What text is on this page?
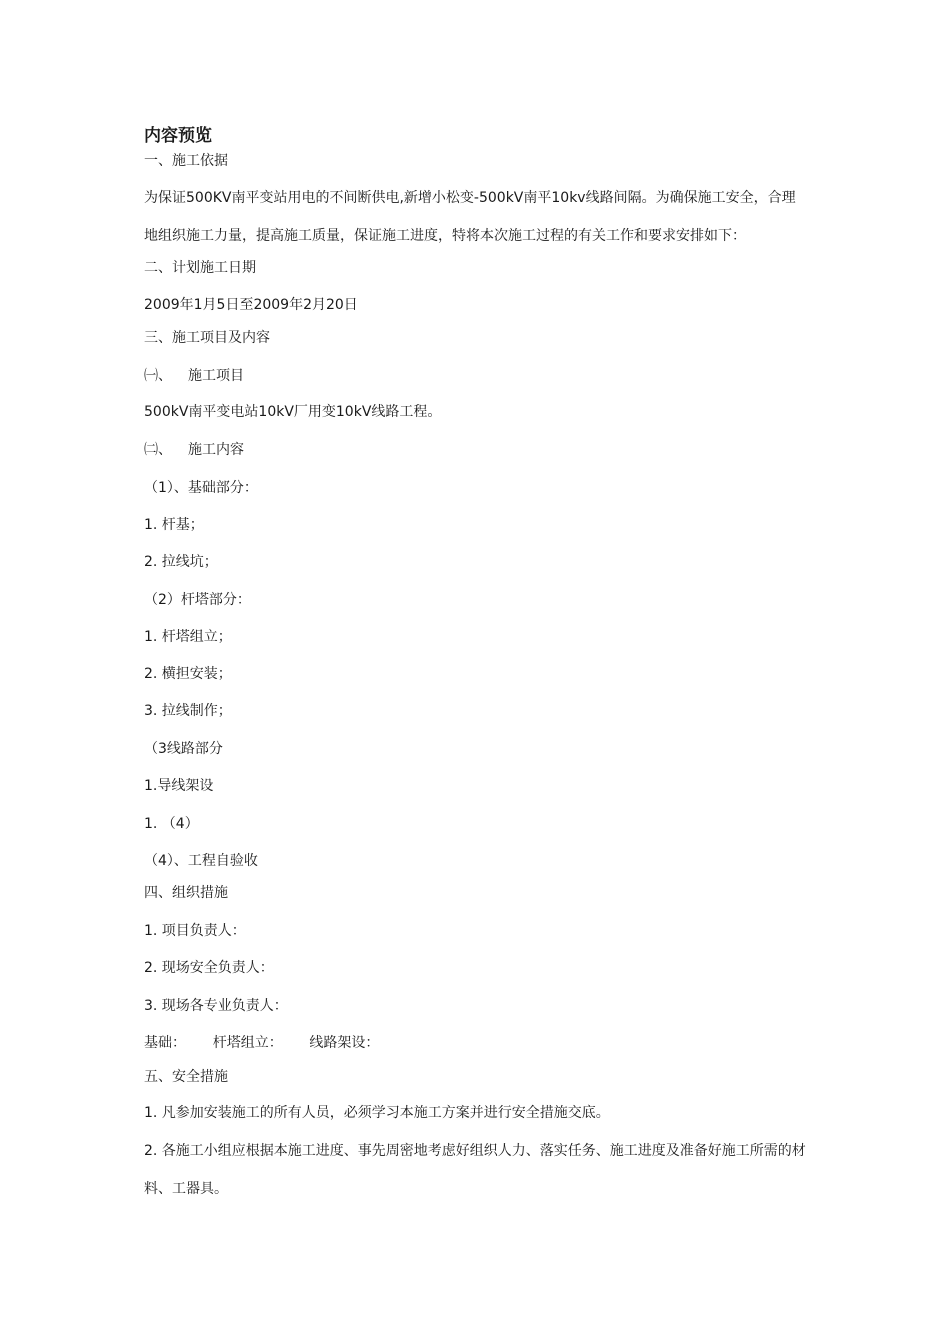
内容预览
一、施工依据
为保证500KV南平变站用电的不间断供电,新增小松变-500kV南平10kv线路间隔。为确保施工安全，合理
地组织施工力量，提高施工质量，保证施工进度，特将本次施工过程的有关工作和要求安排如下：
二、计划施工日期
2009年1月5日至2009年2月20日
三、施工项目及内容
㈠、 施工项目
500kV南平变电站10kV厂用变10kV线路工程。
㈡、 施工内容
（1）、基础部分：
1. 杆基；
2. 拉线坑；
（2）杆塔部分：
1. 杆塔组立；
2. 横担安装；
3. 拉线制作；
（3线路部分
1.导线架设
1. （4）
（4）、工程自验收
四、组织措施
1. 项目负责人：
2. 现场安全负责人：
3. 现场各专业负责人：
基础：      杆塔组立：      线路架设：
五、安全措施
1. 凡参加安装施工的所有人员，必须学习本施工方案并进行安全措施交底。
2. 各施工小组应根据本施工进度、事先周密地考虑好组织人力、落实任务、施工进度及准备好施工所需的材
料、工器具。
